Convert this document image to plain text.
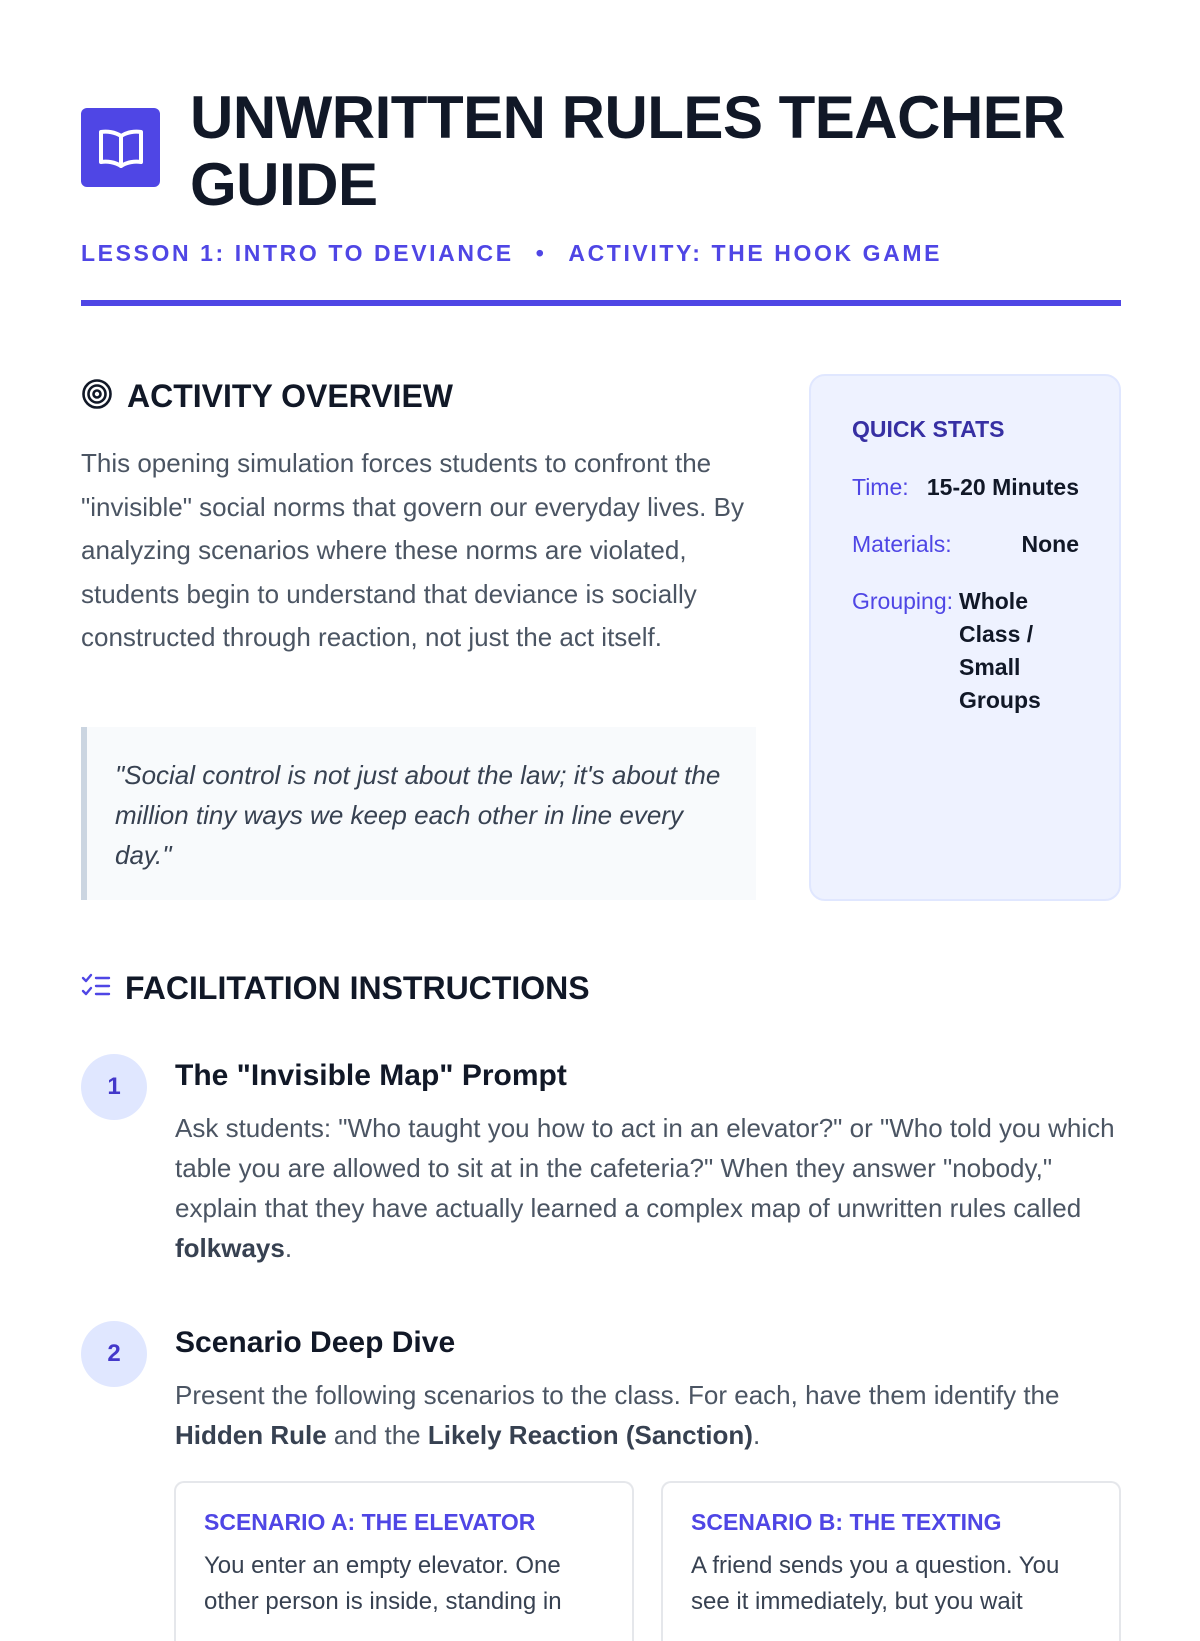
UNWRITTEN RULES TEACHER GUIDE
LESSON 1: INTRO TO DEVIANCE • ACTIVITY: THE HOOK GAME
ACTIVITY OVERVIEW

This opening simulation forces students to confront the "invisible" social norms that govern our everyday lives. By analyzing scenarios where these norms are violated, students begin to understand that deviance is socially constructed through reaction, not just the act itself.

"Social control is not just about the law; it's about the million tiny ways we keep each other in line every day."

QUICK STATS
Time: 15-20 Minutes
Materials:	None
Grouping: Whole Class / Small Groups
FACILITATION INSTRUCTIONS
1	The "Invisible Map" Prompt

Ask students: "Who taught you how to act in an elevator?" or "Who told you which table you are allowed to sit at in the cafeteria?" When they answer "nobody," explain that they have actually learned a complex map of unwritten rules called folkways.

2	Scenario Deep Dive

Present the following scenarios to the class. For each, have them identify the Hidden Rule and the Likely Reaction (Sanction).

SCENARIO A: THE ELEVATOR

You enter an empty elevator. One other person is inside, standing in

SCENARIO B: THE TEXTING

A friend sends you a question. You see it immediately, but you wait
